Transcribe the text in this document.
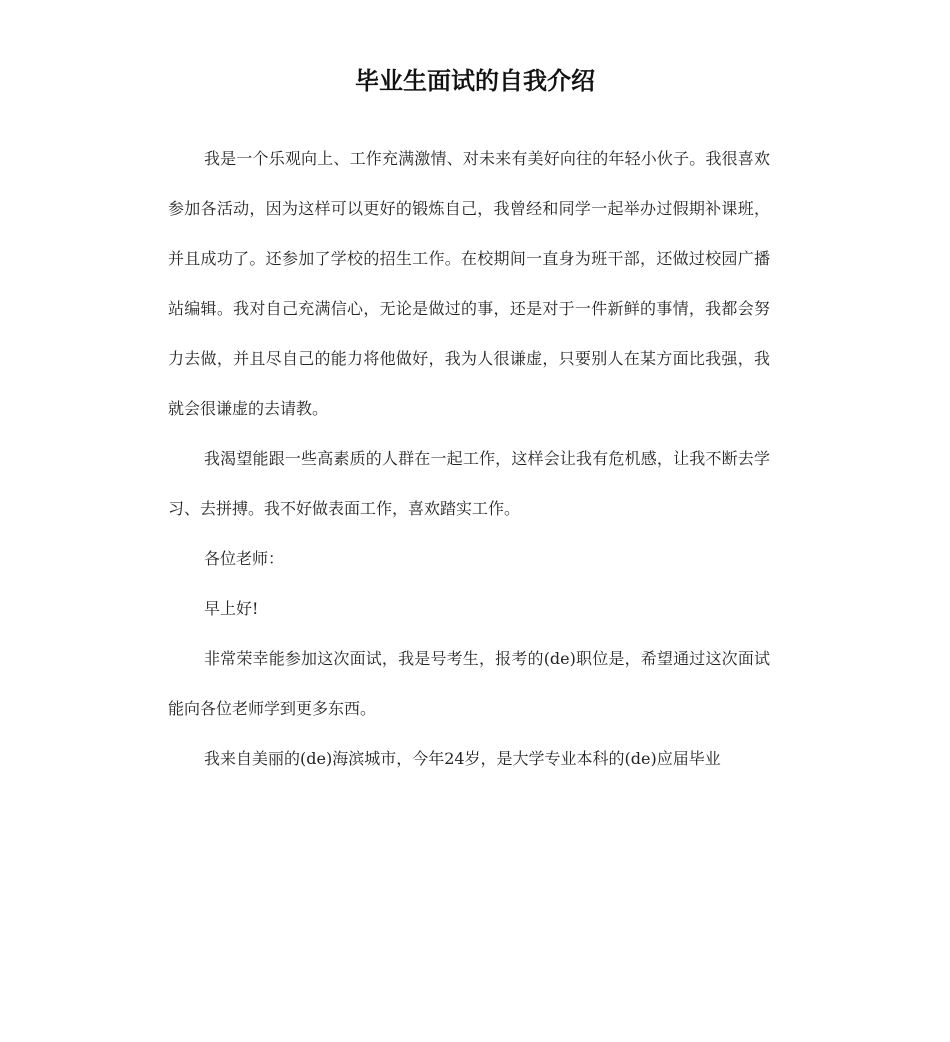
毕业生面试的自我介绍

我是一个乐观向上、工作充满激情、对未来有美好向往的年轻小伙子。我很喜欢参加各活动，因为这样可以更好的锻炼自己，我曾经和同学一起举办过假期补课班，并且成功了。还参加了学校的招生工作。在校期间一直身为班干部，还做过校园广播站编辑。我对自己充满信心，无论是做过的事，还是对于一件新鲜的事情，我都会努力去做，并且尽自己的能力将他做好，我为人很谦虚，只要别人在某方面比我强，我就会很谦虚的去请教。

我渴望能跟一些高素质的人群在一起工作，这样会让我有危机感，让我不断去学习、去拼搏。我不好做表面工作，喜欢踏实工作。

各位老师：

早上好!

非常荣幸能参加这次面试，我是号考生，报考的(de)职位是，希望通过这次面试能向各位老师学到更多东西。

我来自美丽的(de)海滨城市，今年24岁，是大学专业本科的(de)应届毕业
